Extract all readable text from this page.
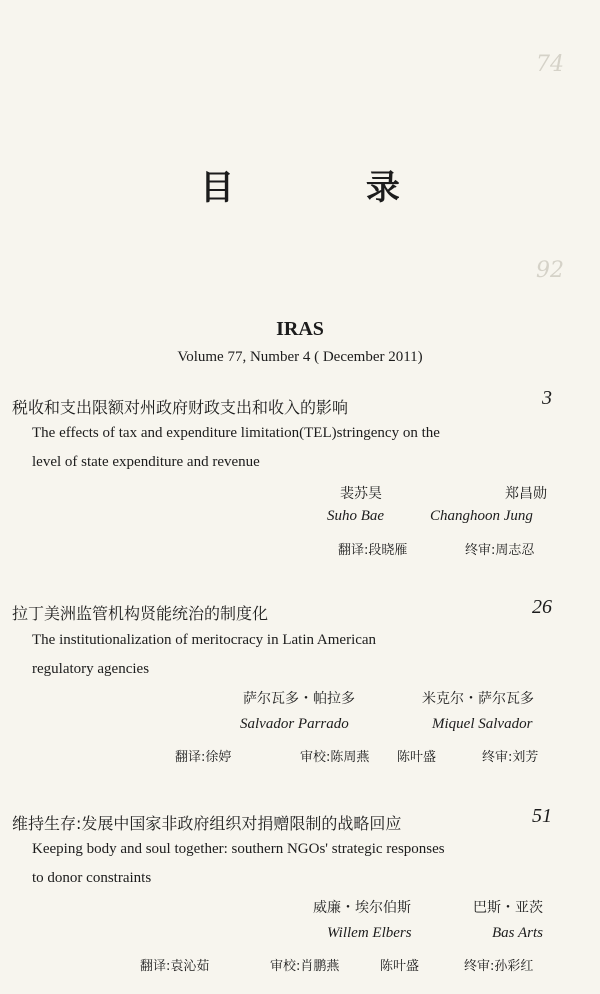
74
92
目 录
IRAS
Volume 77, Number 4 ( December 2011)
税收和支出限额对州政府财政支出和收入的影响	3
The effects of tax and expenditure limitation(TEL)stringency on the
level of state expenditure and revenue
裴苏昊	郑昌勋
Suho Bae	Changhoon Jung
翻译:段晓雁	终审:周志忍
拉丁美洲监管机构贤能统治的制度化	26
The institutionalization of meritocracy in Latin American
regulatory agencies
萨尔瓦多・帕拉多	米克尔・萨尔瓦多
Salvador Parrado	Miquel Salvador
翻译:徐婷	审校:陈周燕 陈叶盛	终审:刘芳
维持生存:发展中国家非政府组织对捐赠限制的战略回应	51
Keeping body and soul together: southern NGOs' strategic responses
to donor constraints
威廉・埃尔伯斯	巴斯・亚茨
Willem Elbers	Bas Arts
翻译:袁沁茹	审校:肖鹏燕	陈叶盛	终审:孙彩红
